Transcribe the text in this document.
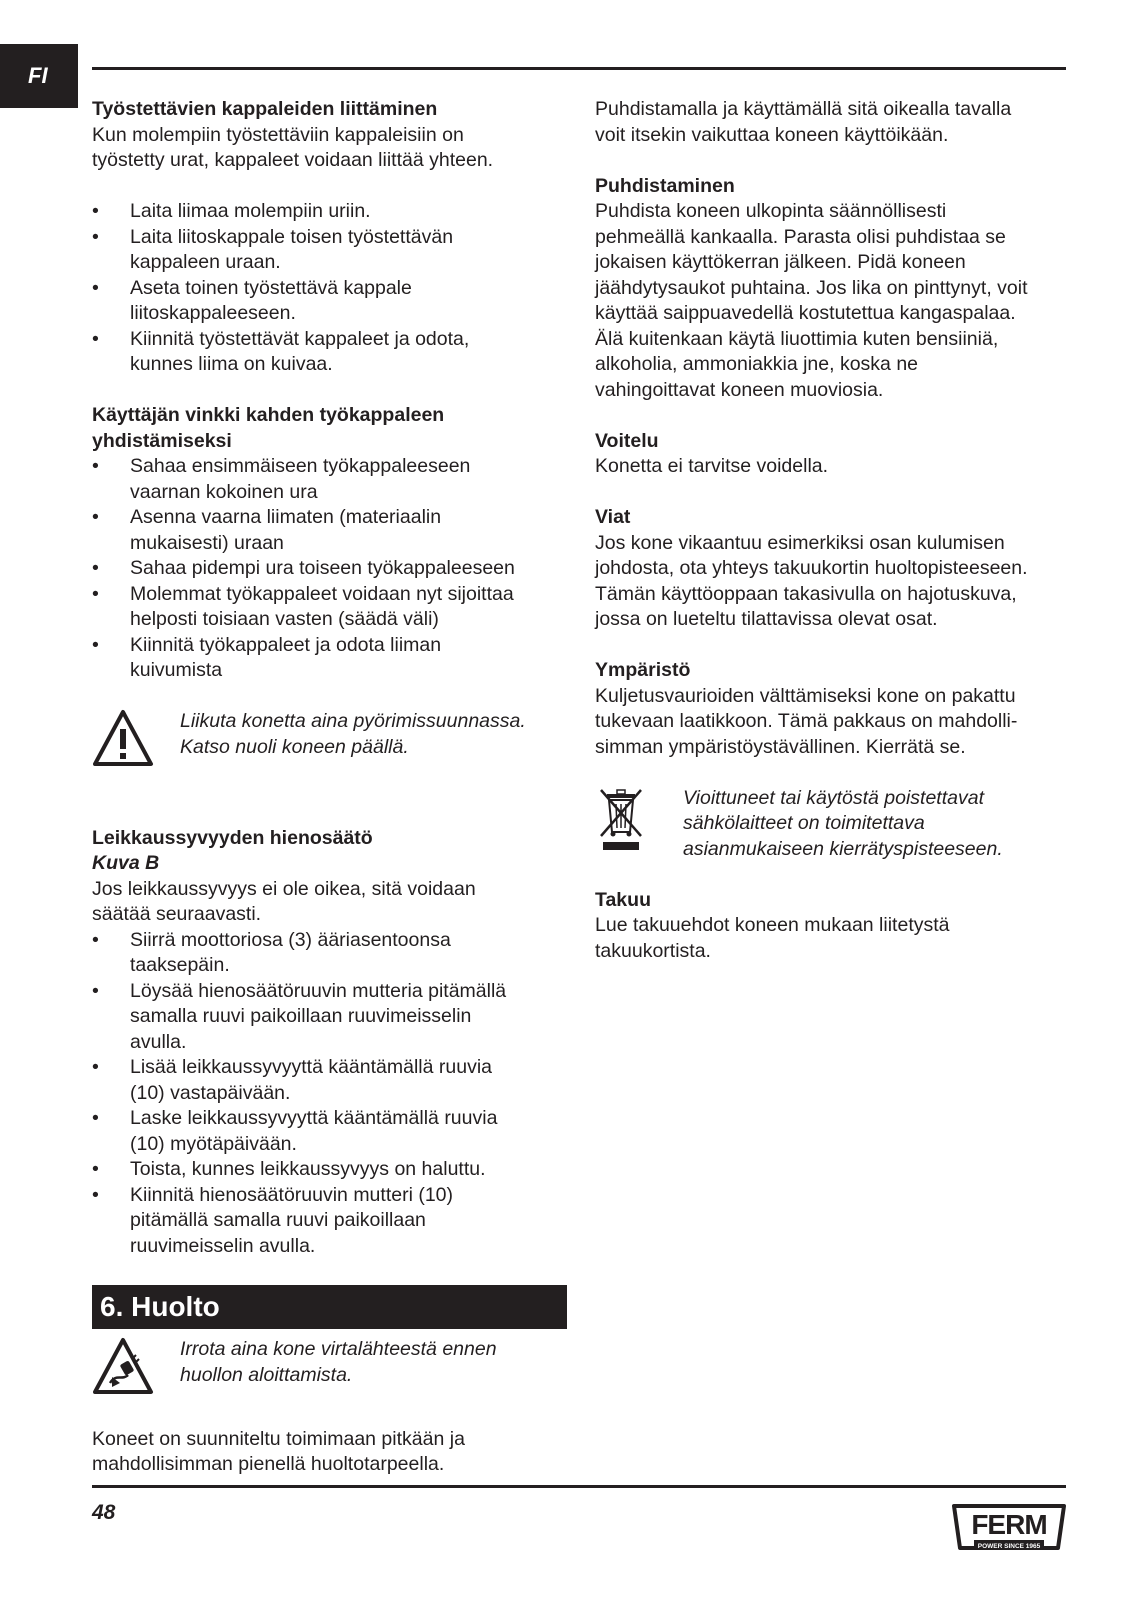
FI

Työstettävien kappaleiden liittäminen

Kun molempiin työstettäviin kappaleisiin on
työstetty urat, kappaleet voidaan liittää yhteen.

• Laita liimaa molempiin uriin.
• Laita liitoskappale toisen työstettävän
kappaleen uraan.
• Aseta toinen työstettävä kappale
liitoskappaleeseen.
• Kiinnitä työstettävät kappaleet ja odota,
kunnes liima on kuivaa.

Käyttäjän vinkki kahden työkappaleen
yhdistämiseksi

• Sahaa ensimmäiseen työkappaleeseen
vaarnan kokoinen ura
• Asenna vaarna liimaten (materiaalin
mukaisesti) uraan
• Sahaa pidempi ura toiseen työkappaleeseen
• Molemmat työkappaleet voidaan nyt sijoittaa
helposti toisiaan vasten (säädä väli)
• Kiinnitä työkappaleet ja odota liiman
kuivumista

Liikuta konetta aina pyörimissuunnassa.
Katso nuoli koneen päällä.

Leikkaussyvyyden hienosäätö

Kuva B

Jos leikkaussyvyys ei ole oikea, sitä voidaan
säätää seuraavasti.

• Siirrä moottoriosa (3) ääriasentoonsa
taaksepäin.
• Löysää hienosäätöruuvin mutteria pitämällä
samalla ruuvi paikoillaan ruuvimeisselin
avulla.
• Lisää leikkaussyvyyttä kääntämällä ruuvia
(10) vastapäivään.
• Laske leikkaussyvyyttä kääntämällä ruuvia
(10) myötäpäivään.
• Toista, kunnes leikkaussyvyys on haluttu.
• Kiinnitä hienosäätöruuvin mutteri (10)
pitämällä samalla ruuvi paikoillaan
ruuvimeisselin avulla.
6. Huolto

Irrota aina kone virtalähteestä ennen
huollon aloittamista.

Koneet on suunniteltu toimimaan pitkään ja
mahdollisimman pienellä huoltotarpeella.

Puhdistamalla ja käyttämällä sitä oikealla tavalla
voit itsekin vaikuttaa koneen käyttöikään.

Puhdistaminen

Puhdista koneen ulkopinta säännöllisesti
pehmeällä kankaalla. Parasta olisi puhdistaa se
jokaisen käyttökerran jälkeen. Pidä koneen
jäähdytysaukot puhtaina. Jos lika on pinttynyt, voit
käyttää saippuavedellä kostutettua kangaspalaa.
Älä kuitenkaan käytä liuottimia kuten bensiiniä,
alkoholia, ammoniakkia jne, koska ne
vahingoittavat koneen muoviosia.

Voitelu

Konetta ei tarvitse voidella.

Viat

Jos kone vikaantuu esimerkiksi osan kulumisen
johdosta, ota yhteys takuukortin huoltopisteeseen.
Tämän käyttöoppaan takasivulla on hajotuskuva,
jossa on lueteltu tilattavissa olevat osat.

Ympäristö

Kuljetusvaurioiden välttämiseksi kone on pakattu
tukevaan laatikkoon. Tämä pakkaus on mahdolli-
simman ympäristöystävällinen. Kierrätä se.

Vioittuneet tai käytöstä poistettavat
sähkölaitteet on toimitettava
asianmukaiseen kierrätyspisteeseen.

Takuu

Lue takuuehdot koneen mukaan liitetystä
takuukortista.

48	FERM
POWER SINCE 1965
